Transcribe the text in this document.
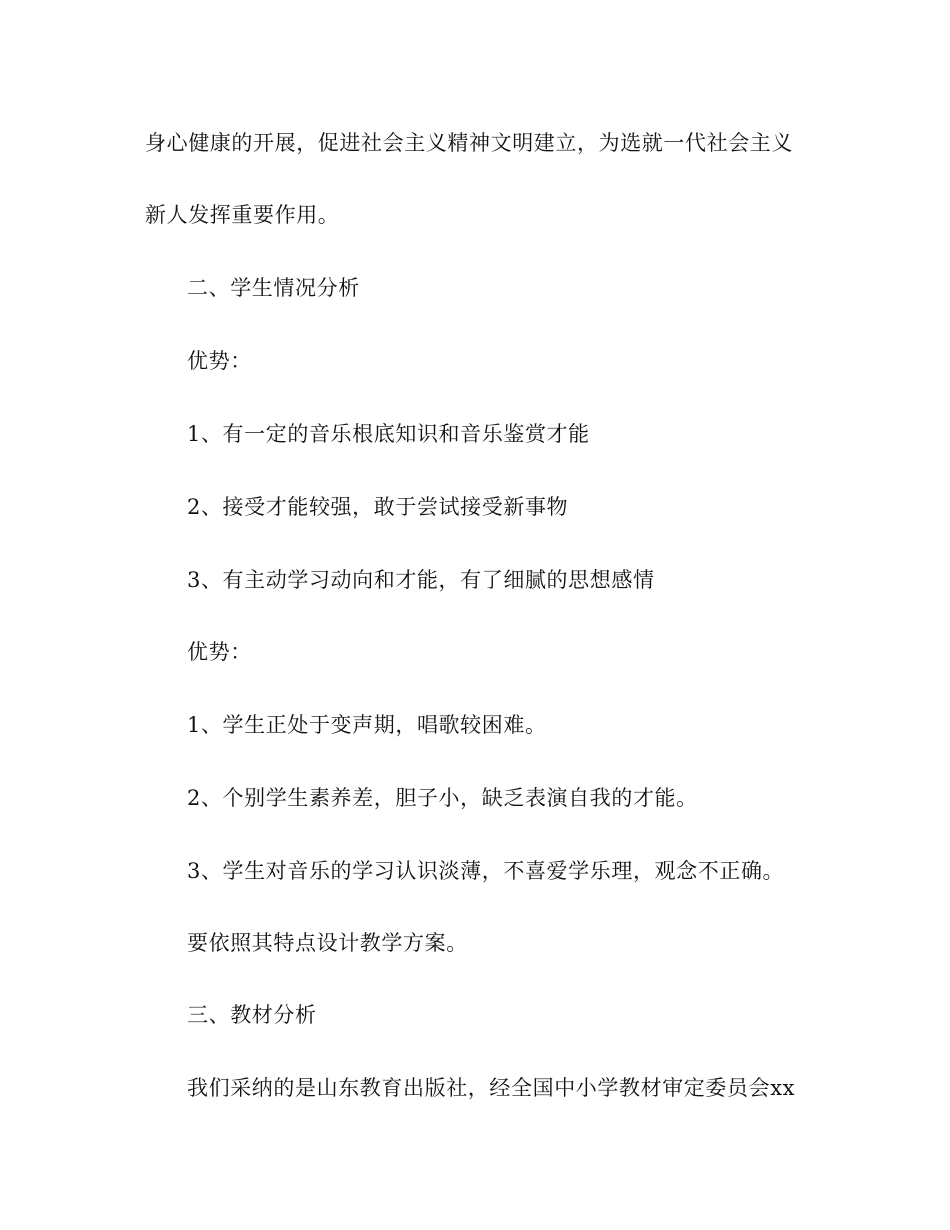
身心健康的开展，促进社会主义精神文明建立，为选就一代社会主义
新人发挥重要作用。
二、学生情况分析
优势：
1、有一定的音乐根底知识和音乐鉴赏才能
2、接受才能较强，敢于尝试接受新事物
3、有主动学习动向和才能，有了细腻的思想感情
优势：
1、学生正处于变声期，唱歌较困难。
2、个别学生素养差，胆子小，缺乏表演自我的才能。
3、学生对音乐的学习认识淡薄，不喜爱学乐理，观念不正确。
要依照其特点设计教学方案。
三、教材分析
我们采纳的是山东教育出版社，经全国中小学教材审定委员会xx
